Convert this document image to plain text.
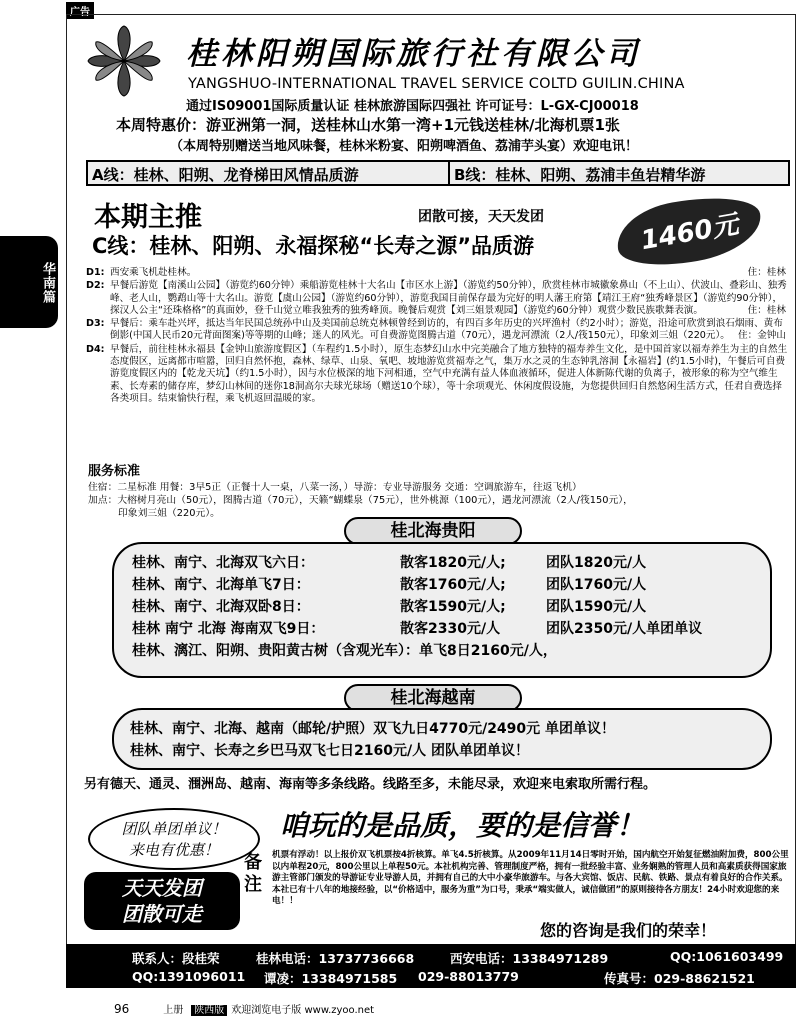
广告
华南篇
桂林阳朔国际旅行社有限公司
YANGSHUO-INTERNATIONAL TRAVEL SERVICE COLTD GUILIN.CHINA
通过IS09001国际质量认证 桂林旅游国际四强社 许可证号：L-GX-CJ00018
本周特惠价：游亚洲第一洞，送桂林山水第一湾+1元钱送桂林/北海机票1张
（本周特别赠送当地风味餐，桂林米粉宴、阳朔啤酒鱼、荔浦芋头宴）欢迎电讯！
A线：桂林、阳朔、龙脊梯田风情品质游	B线：桂林、阳朔、荔浦丰鱼岩精华游
本期主推	团散可接，天天发团
C线：桂林、阳朔、永福探秘“长寿之源”品质游	1460元
D1: 西安乘飞机赴桂林。	住：桂林
D2: 早餐后游览【南溪山公园】（游览约60分钟）乘船游览桂林十大名山【市区水上游】（游览约50分钟），欣赏桂林市城徽象鼻山（不上山）、伏波山、叠彩山、独秀峰、老人山，鹦鹉山等十大名山。游览【虞山公园】（游览约60分钟），游览我国目前保存最为完好的明人藩王府第【靖江王府“独秀峰景区】（游览约90分钟），探汉人公主“还珠格格”的真面妙，登千山觉立唯我独秀的独秀峰顶。晚餐后观赏【刘三姐景观园】（游览约60分钟）观赏少数民族歌舞表演。	住：桂林
D3: 早餐后：乘车赴兴坪，抵达当年民国总统孙中山及美国前总统克林顿曾经到访的，有四百多年历史的兴坪渔村（约2小时）；游览，沿途可欣赏到浪石烟雨、黄布倒影(中国人民币20元背面图案)等等期的山峰；迷人的风光。可自费游览图腾古道（70元），遇龙河漂流（2人/筏150元），印象刘三姐（220元）。 住：金钟山
D4: 早餐后，前往桂林永福县【金钟山旅游度假区】（车程约1.5小时），原生态梦幻山水中完美融合了地方独特的福寿养生文化，是中国首家以福寿养生为主的自然生态度假区，远离都市喧嚣，回归自然怀抱，森林、绿草、山泉、氧吧、坡地游览赏福寿之气，集万水之灵的生态钟乳溶洞【永福岩】(约1.5小时)，午餐后可自费游览度假区内的【乾龙天坑】（约1.5小时），因与水位极深的地下河相通，空气中充满有益人体血液循环，促进人体新陈代谢的负离子，被形象的称为空气维生素、长寿素的储存库，梦幻山林间的迷你18洞高尔夫球光球场（赠送10个球），等十余项观光、休闲度假设施，为您提供回归自然悠闲生活方式，任君自费选择各类项目。结束愉快行程，乘飞机返回温暖的家。
服务标准
住宿：二星标准 用餐：3早5正（正餐十人一桌，八菜一汤，）导游：专业导游服务 交通：空调旅游车，往返飞机）
加点：大榕树月亮山（50元），图腾古道（70元），天籁“蝴蝶泉（75元），世外桃源（100元），遇龙河漂流（2人/筏150元），
印象刘三姐（220元）。
桂北海贵阳
桂林、南宁、北海双飞六日：	散客1820元/人;	团队1820元/人
桂林、南宁、北海单飞7日：	散客1760元/人;	团队1760元/人
桂林、南宁、北海双卧8日：	散客1590元/人;	团队1590元/人
桂林 南宁 北海 海南双飞9日：	散客2330元/人	团队2350元/人单团单议
桂林、漓江、阳朔、贵阳黄古树（含观光车）：单飞8日2160元/人，
桂北海越南
桂林、南宁、北海、越南（邮轮/护照）双飞九日4770元/2490元 单团单议！
桂林、南宁、长寿之乡巴马双飞七日2160元/人 团队单团单议！
另有德天、通灵、涠洲岛、越南、海南等多条线路。线路至多，未能尽录，欢迎来电索取所需行程。
团队单团单议！
来电有优惠！
咱玩的是品质，要的是信誉！
天天发团
团散可走
备注
机票有浮动！以上报价双飞机票按4折核算。单飞4.5折核算。从2009年11月14日零时开始，国内航空开始复征燃油附加费，800公里以内单程20元，800公里以上单程50元。本社机构完善、管理制度严格，拥有一批经验丰富、业务娴熟的管理人员和高素质获得国家旅游主管部门颁发的导游证专业导游人员，并拥有自己的大中小豪华旅游车。与各大宾馆、饭店、民航、铁路、景点有着良好的合作关系。本社已有十八年的地接经验，以“价格适中，服务为重”为口号，秉承“端实做人，诚信做团”的原则接待各方朋友！24小时欢迎您的来电！！
您的咨询是我们的荣幸！
联系人：段桂荣	桂林电话：13737736668	西安电话：13384971289	QQ:1061603499
QQ:1391096011 谭凌：13384971585 029-88013779	传真号：029-88621521
96	上册 陕西版 欢迎浏览电子版 www.zyoo.net
